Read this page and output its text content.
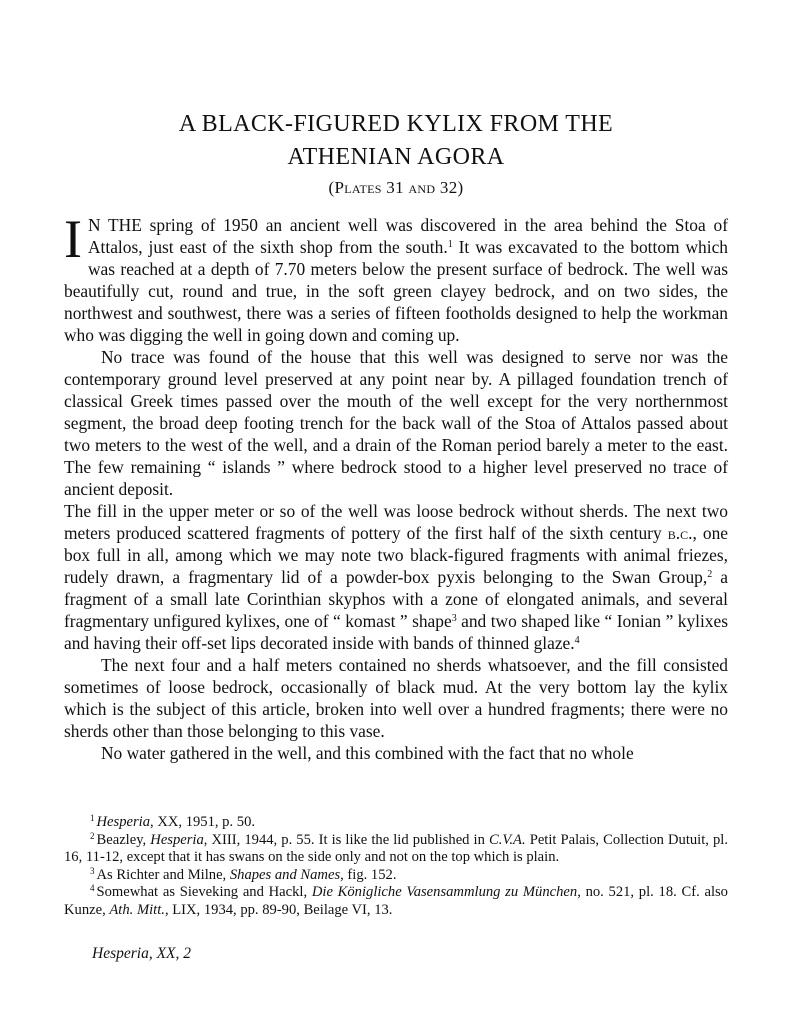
A BLACK-FIGURED KYLIX FROM THE
ATHENIAN AGORA
(Plates 31 and 32)

I N THE spring of 1950 an ancient well was discovered in the area behind the Stoa of Attalos, just east of the sixth shop from the south.$^1$ It was excavated to the bottom which was reached at a depth of 7.70 meters below the present surface of bedrock. The well was beautifully cut, round and true, in the soft green clayey bedrock, and on two sides, the northwest and southwest, there was a series of fifteen footholds designed to help the workman who was digging the well in going down and coming up.

No trace was found of the house that this well was designed to serve nor was the contemporary ground level preserved at any point near by. A pillaged foundation trench of classical Greek times passed over the mouth of the well except for the very northernmost segment, the broad deep footing trench for the back wall of the Stoa of Attalos passed about two meters to the west of the well, and a drain of the Roman period barely a meter to the east. The few remaining “ islands ” where bedrock stood to a higher level preserved no trace of ancient deposit.

The fill in the upper meter or so of the well was loose bedrock without sherds. The next two meters produced scattered fragments of pottery of the first half of the sixth century b.c., one box full in all, among which we may note two black-figured fragments with animal friezes, rudely drawn, a fragmentary lid of a powder-box pyxis belonging to the Swan Group,$^2$ a fragment of a small late Corinthian skyphos with a zone of elongated animals, and several fragmentary unfigured kylixes, one of “ komast ” shape$^3$ and two shaped like “ Ionian ” kylixes and having their off-set lips decorated inside with bands of thinned glaze.$^4$

The next four and a half meters contained no sherds whatsoever, and the fill consisted sometimes of loose bedrock, occasionally of black mud. At the very bottom lay the kylix which is the subject of this article, broken into well over a hundred fragments; there were no sherds other than those belonging to this vase.

No water gathered in the well, and this combined with the fact that no whole

$^1$ Hesperia, XX, 1951, p. 50.

$^2$ Beazley, Hesperia, XIII, 1944, p. 55. It is like the lid published in C.V.A. Petit Palais, Collection Dutuit, pl. 16, 11-12, except that it has swans on the side only and not on the top which is plain.

$^3$ As Richter and Milne, Shapes and Names, fig. 152.

$^4$ Somewhat as Sieveking and Hackl, Die Königliche Vasensammlung zu München, no. 521, pl. 18. Cf. also Kunze, Ath. Mitt., LIX, 1934, pp. 89-90, Beilage VI, 13.

Hesperia, XX, 2
